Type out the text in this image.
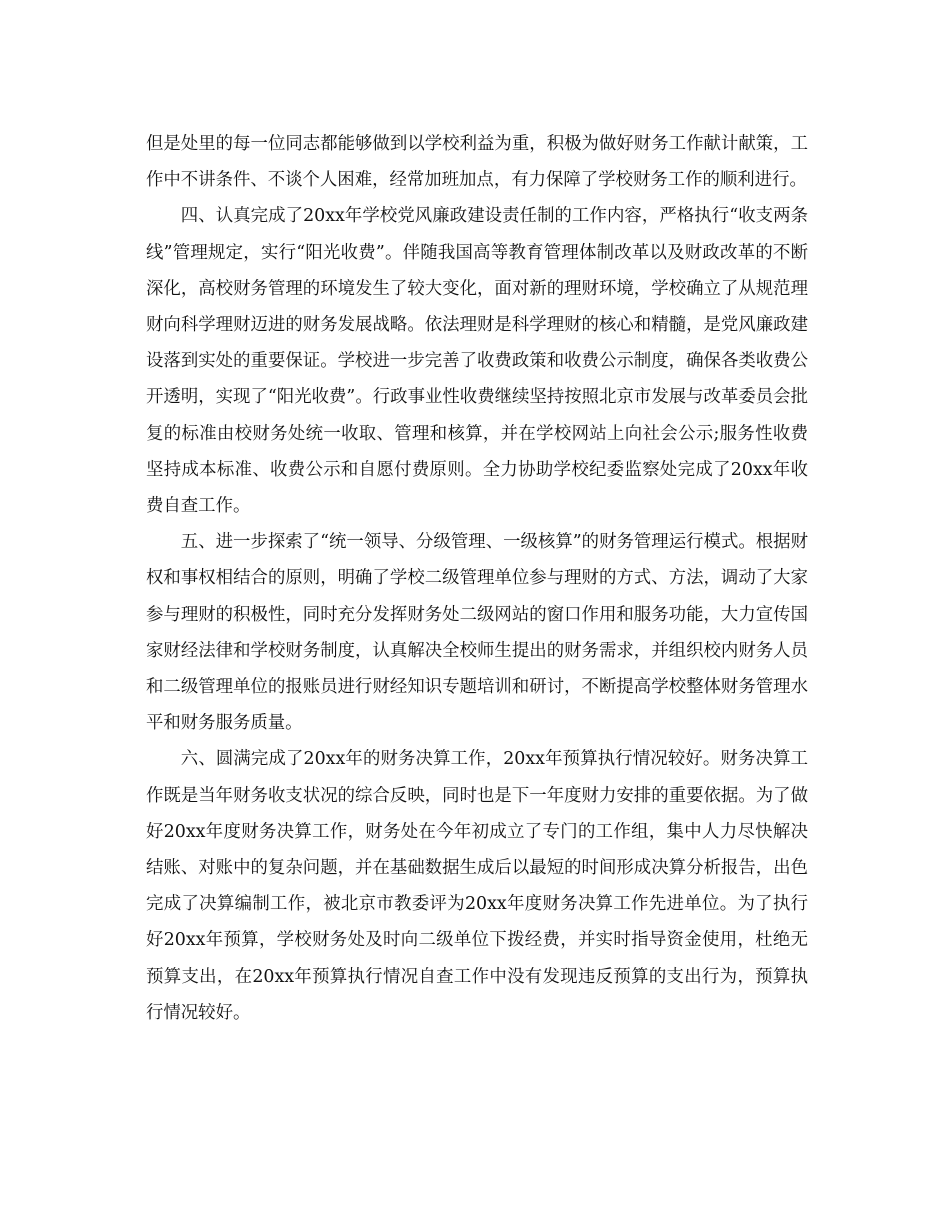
但是处里的每一位同志都能够做到以学校利益为重，积极为做好财务工作献计献策，工作中不讲条件、不谈个人困难，经常加班加点，有力保障了学校财务工作的顺利进行。

四、认真完成了20xx年学校党风廉政建设责任制的工作内容，严格执行“收支两条线”管理规定，实行“阳光收费”。伴随我国高等教育管理体制改革以及财政改革的不断深化，高校财务管理的环境发生了较大变化，面对新的理财环境，学校确立了从规范理财向科学理财迈进的财务发展战略。依法理财是科学理财的核心和精髓，是党风廉政建设落到实处的重要保证。学校进一步完善了收费政策和收费公示制度，确保各类收费公开透明，实现了“阳光收费”。行政事业性收费继续坚持按照北京市发展与改革委员会批复的标准由校财务处统一收取、管理和核算，并在学校网站上向社会公示;服务性收费坚持成本标准、收费公示和自愿付费原则。全力协助学校纪委监察处完成了20xx年收费自查工作。

五、进一步探索了“统一领导、分级管理、一级核算”的财务管理运行模式。根据财权和事权相结合的原则，明确了学校二级管理单位参与理财的方式、方法，调动了大家参与理财的积极性，同时充分发挥财务处二级网站的窗口作用和服务功能，大力宣传国家财经法律和学校财务制度，认真解决全校师生提出的财务需求，并组织校内财务人员和二级管理单位的报账员进行财经知识专题培训和研讨，不断提高学校整体财务管理水平和财务服务质量。

六、圆满完成了20xx年的财务决算工作，20xx年预算执行情况较好。财务决算工作既是当年财务收支状况的综合反映，同时也是下一年度财力安排的重要依据。为了做好20xx年度财务决算工作，财务处在今年初成立了专门的工作组，集中人力尽快解决结账、对账中的复杂问题，并在基础数据生成后以最短的时间形成决算分析报告，出色完成了决算编制工作，被北京市教委评为20xx年度财务决算工作先进单位。为了执行好20xx年预算，学校财务处及时向二级单位下拨经费，并实时指导资金使用，杜绝无预算支出，在20xx年预算执行情况自查工作中没有发现违反预算的支出行为，预算执行情况较好。
